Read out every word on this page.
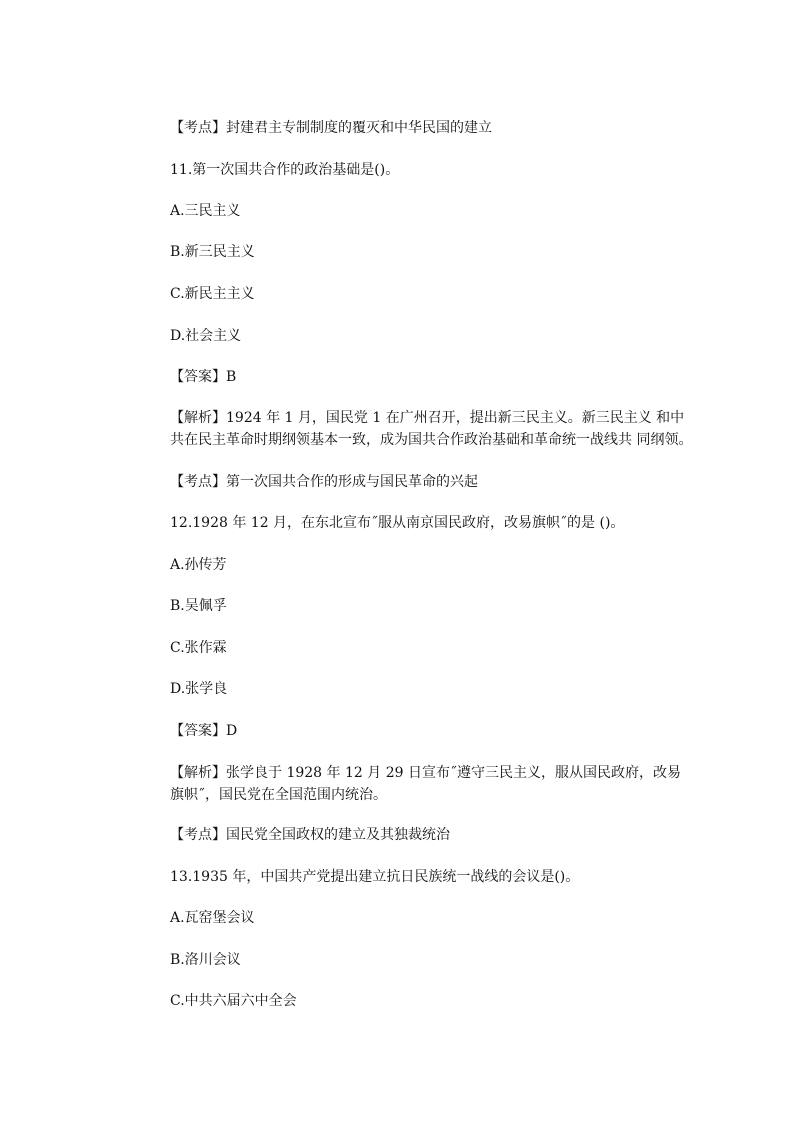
【考点】封建君主专制制度的覆灭和中华民国的建立
11.第一次国共合作的政治基础是()。
A.三民主义
B.新三民主义
C.新民主主义
D.社会主义
【答案】B
【解析】1924 年 1 月，国民党 1 在广州召开，提出新三民主义。新三民主义 和中
共在民主革命时期纲领基本一致，成为国共合作政治基础和革命统一战线共 同纲领。
【考点】第一次国共合作的形成与国民革命的兴起
12.1928 年 12 月，在东北宣布˝服从南京国民政府，改易旗帜˝的是 ()。
A.孙传芳
B.吴佩孚
C.张作霖
D.张学良
【答案】D
【解析】张学良于 1928 年 12 月 29 日宣布˝遵守三民主义，服从国民政府，改易
旗帜˝，国民党在全国范围内统治。
【考点】国民党全国政权的建立及其独裁统治
13.1935 年，中国共产党提出建立抗日民族统一战线的会议是()。
A.瓦窑堡会议
B.洛川会议
C.中共六届六中全会
